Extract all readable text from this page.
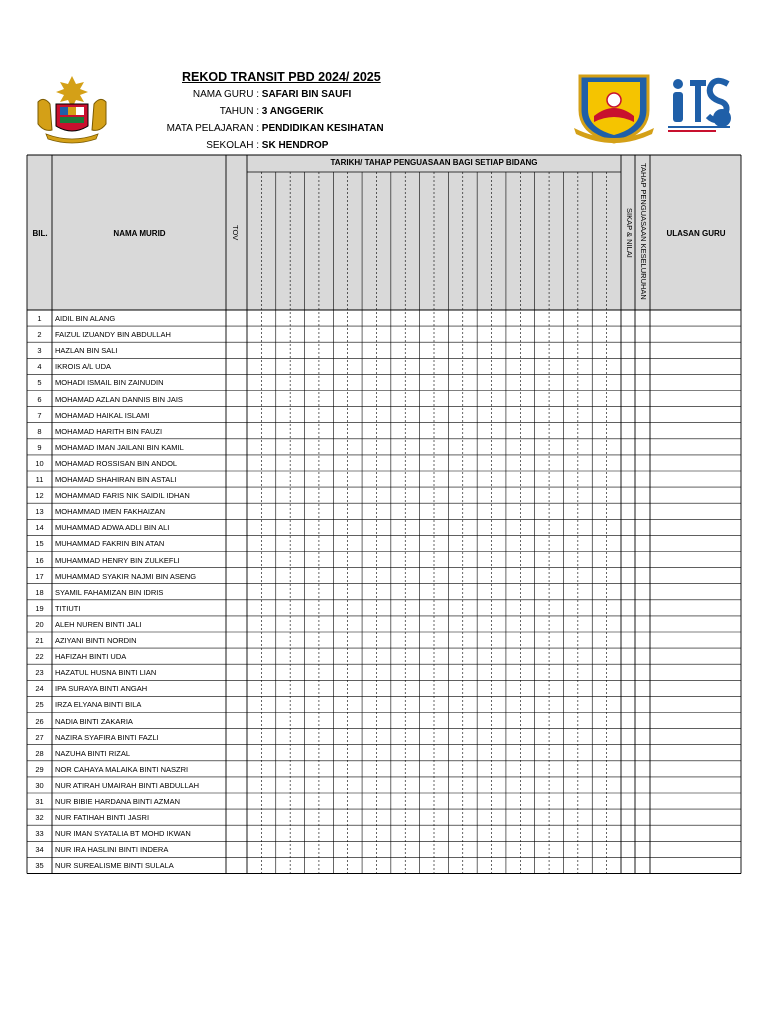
REKOD TRANSIT PBD 2024/ 2025
NAMA GURU : SAFARI BIN SAUFI
TAHUN : 3 ANGGERIK
MATA PELAJARAN : PENDIDIKAN KESIHATAN
SEKOLAH : SK HENDROP
BIL.	NAMA MURID	TOV
TARIKH/ TAHAP PENGUASAAN BAGI SETIAP BIDANG
TAHAP PENGUASAAN KESELURUHAN
SIKAP & NILAI	ULASAN GURU
1	AIDIL BIN ALANG
2	FAIZUL IZUANDY BIN ABDULLAH
3	HAZLAN BIN SALI
4	IKROIS A/L UDA
5	MOHADI ISMAIL BIN ZAINUDIN
6	MOHAMAD AZLAN DANNIS BIN JAIS
7	MOHAMAD HAIKAL ISLAMI
8	MOHAMAD HARITH BIN FAUZI
9	MOHAMAD IMAN JAILANI BIN KAMIL
10	MOHAMAD ROSSISAN BIN ANDOL
11	MOHAMAD SHAHIRAN BIN ASTALI
12	MOHAMMAD FARIS NIK SAIDIL IDHAN
13	MOHAMMAD IMEN FAKHAIZAN
14	MUHAMMAD ADWA ADLI BIN ALI
15	MUHAMMAD FAKRIN BIN ATAN
16	MUHAMMAD HENRY BIN ZULKEFLI
17	MUHAMMAD SYAKIR NAJMI BIN ASENG
18	SYAMIL FAHAMIZAN BIN IDRIS
19	TITIUTI
20	ALEH NUREN BINTI JALI
21	AZIYANI BINTI NORDIN
22	HAFIZAH BINTI UDA
23	HAZATUL HUSNA BINTI LIAN
24	IPA SURAYA BINTI ANGAH
25	IRZA ELYANA BINTI BILA
26	NADIA BINTI ZAKARIA
27	NAZIRA SYAFIRA BINTI FAZLI
28	NAZUHA BINTI RIZAL
29	NOR CAHAYA MALAIKA BINTI NASZRI
30	NUR ATIRAH UMAIRAH BINTI ABDULLAH
31	NUR BIBIE HARDANA BINTI AZMAN
32	NUR FATIHAH BINTI JASRI
33	NUR IMAN SYATALIA BT MOHD IKWAN
34	NUR IRA HASLINI BINTI INDERA
35	NUR SUREALISME BINTI SULALA
